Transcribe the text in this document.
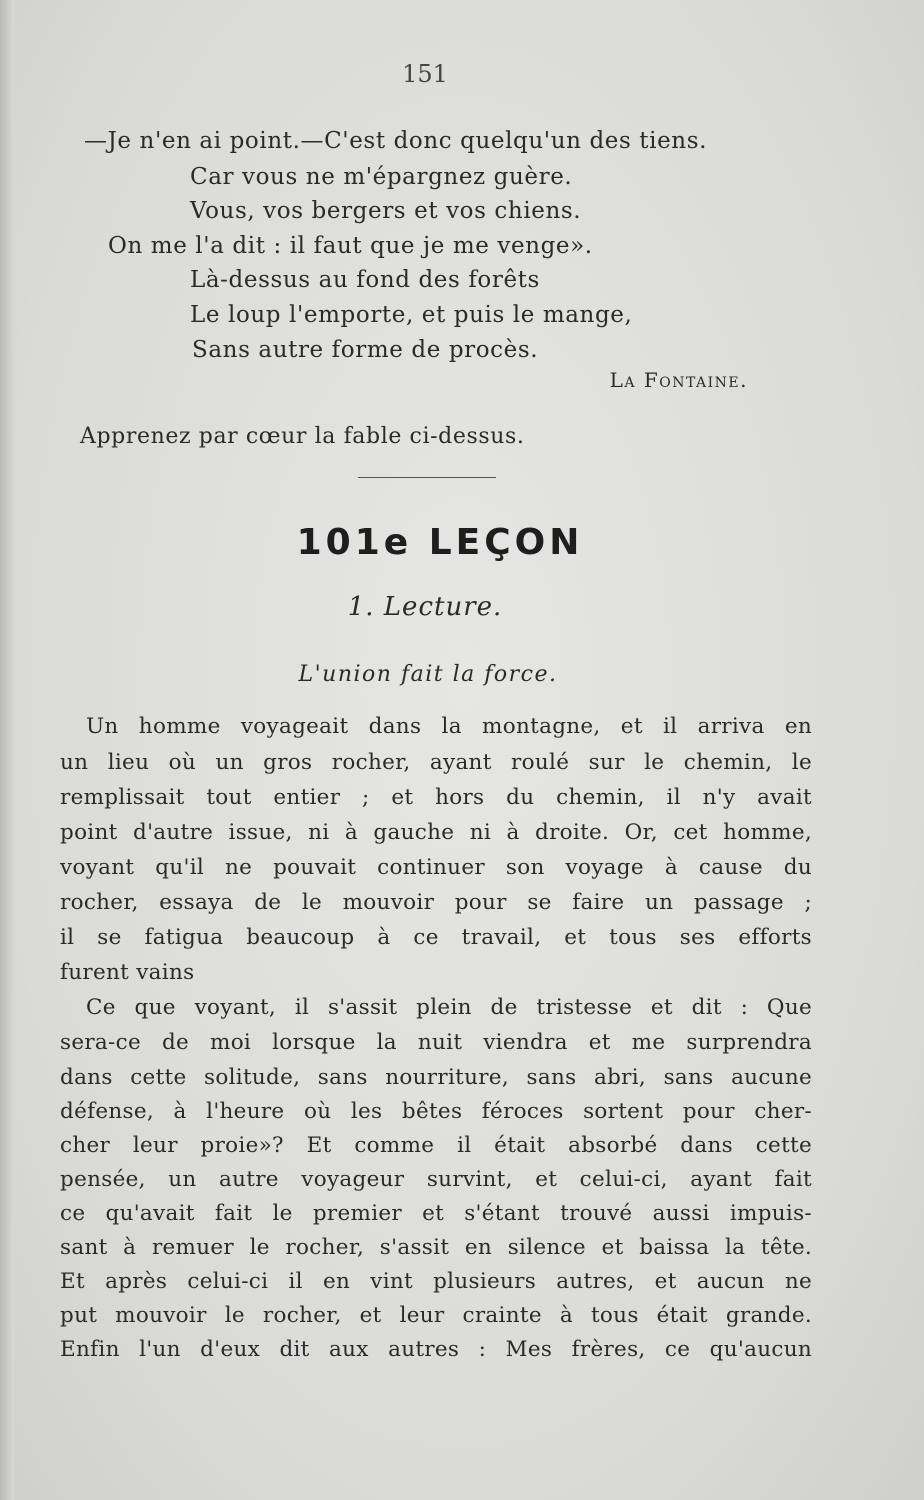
151
—Je n'en ai point.—C'est donc quelqu'un des tiens.
Car vous ne m'épargnez guère.
Vous, vos bergers et vos chiens.
On me l'a dit : il faut que je me venge».
Là-dessus au fond des forêts
Le loup l'emporte, et puis le mange,
Sans autre forme de procès.
La Fontaine.
Apprenez par cœur la fable ci-dessus.
101e LEÇON
1. Lecture.
L'union fait la force.
Un homme voyageait dans la montagne, et il arriva en
un lieu où un gros rocher, ayant roulé sur le chemin, le
remplissait tout entier ; et hors du chemin, il n'y avait
point d'autre issue, ni à gauche ni à droite. Or, cet homme,
voyant qu'il ne pouvait continuer son voyage à cause du
rocher, essaya de le mouvoir pour se faire un passage ;
il se fatigua beaucoup à ce travail, et tous ses efforts
furent vains
Ce que voyant, il s'assit plein de tristesse et dit : Que
sera-ce de moi lorsque la nuit viendra et me surprendra
dans cette solitude, sans nourriture, sans abri, sans aucune
défense, à l'heure où les bêtes féroces sortent pour cher-
cher leur proie»? Et comme il était absorbé dans cette
pensée, un autre voyageur survint, et celui-ci, ayant fait
ce qu'avait fait le premier et s'étant trouvé aussi impuis-
sant à remuer le rocher, s'assit en silence et baissa la tête.
Et après celui-ci il en vint plusieurs autres, et aucun ne
put mouvoir le rocher, et leur crainte à tous était grande.
Enfin l'un d'eux dit aux autres : Mes frères, ce qu'aucun
